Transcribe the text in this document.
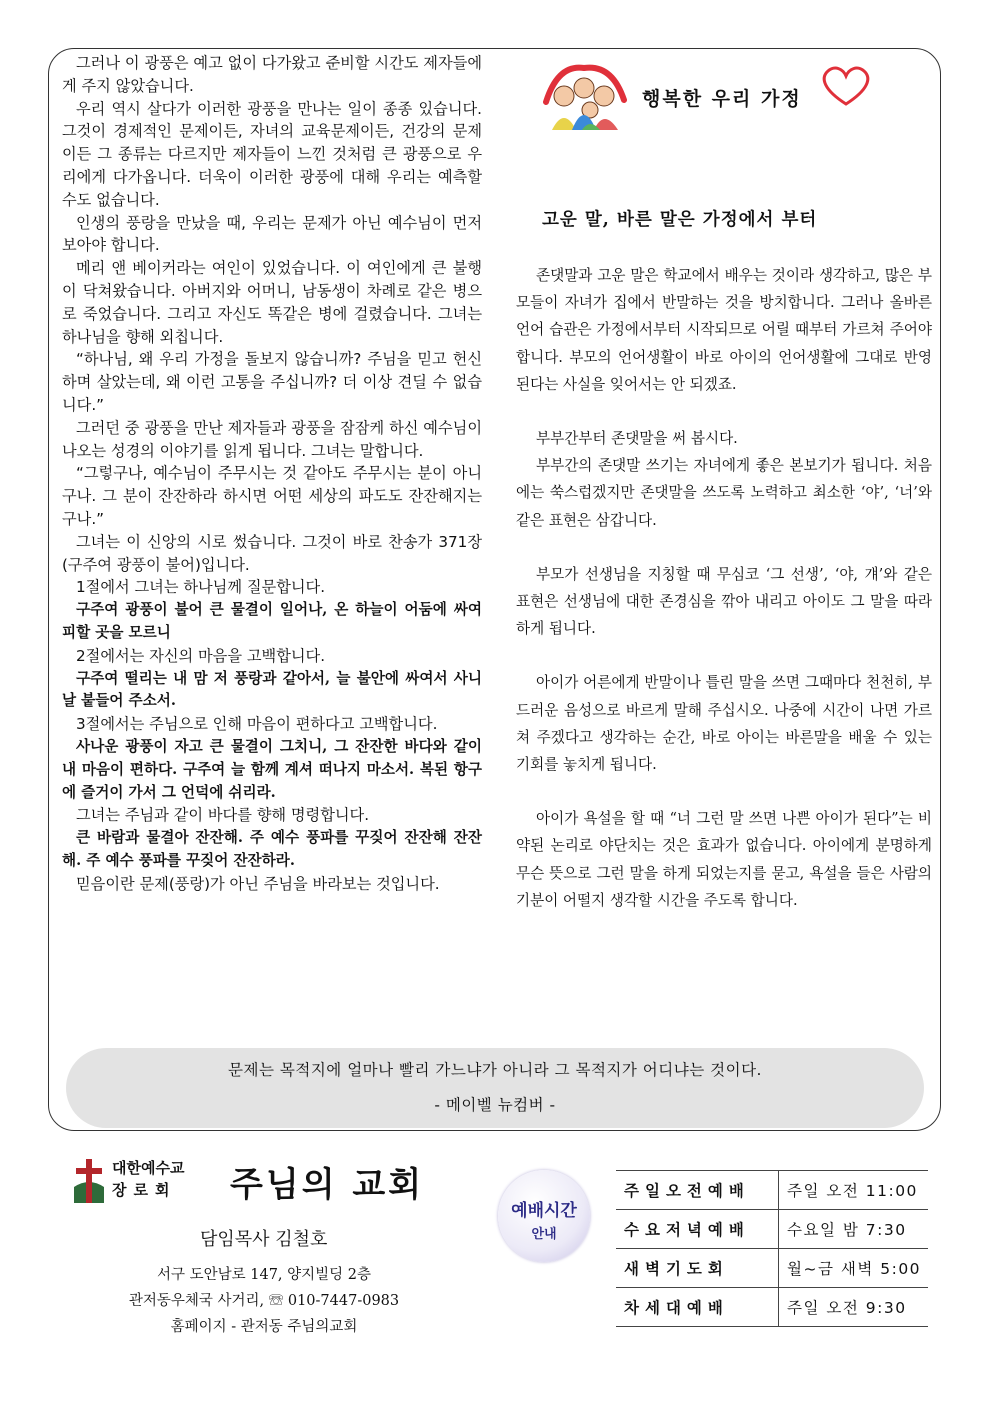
그러나 이 광풍은 예고 없이 다가왔고 준비할 시간도 제자들에게 주지 않았습니다.

우리 역시 살다가 이러한 광풍을 만나는 일이 종종 있습니다. 그것이 경제적인 문제이든, 자녀의 교육문제이든, 건강의 문제이든 그 종류는 다르지만 제자들이 느낀 것처럼 큰 광풍으로 우리에게 다가옵니다. 더욱이 이러한 광풍에 대해 우리는 예측할 수도 없습니다.

인생의 풍랑을 만났을 때, 우리는 문제가 아닌 예수님이 먼저 보아야 합니다.

메리 앤 베이커라는 여인이 있었습니다. 이 여인에게 큰 불행이 닥쳐왔습니다. 아버지와 어머니, 남동생이 차례로 같은 병으로 죽었습니다. 그리고 자신도 똑같은 병에 걸렸습니다. 그녀는 하나님을 향해 외칩니다.

“하나님, 왜 우리 가정을 돌보지 않습니까? 주님을 믿고 헌신하며 살았는데, 왜 이런 고통을 주십니까? 더 이상 견딜 수 없습니다.”

그러던 중 광풍을 만난 제자들과 광풍을 잠잠케 하신 예수님이 나오는 성경의 이야기를 읽게 됩니다. 그녀는 말합니다.

“그렇구나, 예수님이 주무시는 것 같아도 주무시는 분이 아니구나. 그 분이 잔잔하라 하시면 어떤 세상의 파도도 잔잔해지는구나.”

그녀는 이 신앙의 시로 썼습니다. 그것이 바로 찬송가 371장(구주여 광풍이 불어)입니다.

1절에서 그녀는 하나님께 질문합니다.

구주여 광풍이 불어 큰 물결이 일어나, 온 하늘이 어둠에 싸여 피할 곳을 모르니

2절에서는 자신의 마음을 고백합니다.

구주여 떨리는 내 맘 저 풍랑과 같아서, 늘 불안에 싸여서 사니 날 붙들어 주소서.

3절에서는 주님으로 인해 마음이 편하다고 고백합니다.

사나운 광풍이 자고 큰 물결이 그치니, 그 잔잔한 바다와 같이 내 마음이 편하다. 구주여 늘 함께 계셔 떠나지 마소서. 복된 항구에 즐거이 가서 그 언덕에 쉬리라.

그녀는 주님과 같이 바다를 향해 명령합니다.

큰 바람과 물결아 잔잔해. 주 예수 풍파를 꾸짖어 잔잔해 잔잔해. 주 예수 풍파를 꾸짖어 잔잔하라.

믿음이란 문제(풍랑)가 아닌 주님을 바라보는 것입니다.

행복한 우리 가정
고운 말, 바른 말은 가정에서 부터

존댓말과 고운 말은 학교에서 배우는 것이라 생각하고, 많은 부모들이 자녀가 집에서 반말하는 것을 방치합니다. 그러나 올바른 언어 습관은 가정에서부터 시작되므로 어릴 때부터 가르쳐 주어야 합니다. 부모의 언어생활이 바로 아이의 언어생활에 그대로 반영된다는 사실을 잊어서는 안 되겠죠.

부부간부터 존댓말을 써 봅시다.

부부간의 존댓말 쓰기는 자녀에게 좋은 본보기가 됩니다. 처음에는 쑥스럽겠지만 존댓말을 쓰도록 노력하고 최소한 ‘야’, ‘너’와 같은 표현은 삼갑니다.

부모가 선생님을 지칭할 때 무심코 ‘그 선생’, ‘야, 걔’와 같은 표현은 선생님에 대한 존경심을 깎아 내리고 아이도 그 말을 따라하게 됩니다.

아이가 어른에게 반말이나 틀린 말을 쓰면 그때마다 천천히, 부드러운 음성으로 바르게 말해 주십시오. 나중에 시간이 나면 가르쳐 주겠다고 생각하는 순간, 바로 아이는 바른말을 배울 수 있는 기회를 놓치게 됩니다.

아이가 욕설을 할 때 “너 그런 말 쓰면 나쁜 아이가 된다”는 비약된 논리로 야단치는 것은 효과가 없습니다. 아이에게 분명하게 무슨 뜻으로 그런 말을 하게 되었는지를 묻고, 욕설을 들은 사람의 기분이 어떨지 생각할 시간을 주도록 합니다.

문제는 목적지에 얼마나 빨리 가느냐가 아니라 그 목적지가 어디냐는 것이다.
- 메이벨 뉴컴버 -
대한예수교
장로회 주님의 교회
담임목사 김철호
서구 도안남로 147, 양지빌딩 2층
관저동우체국 사거리, ☏ 010-7447-0983
홈페이지 - 관저동 주님의교회
예배시간
안내
주일오전예배	주일 오전 11:00
수요저녁예배	수요일 밤 7:30
새벽기도회	월~금 새벽 5:00
차세대예배	주일 오전 9:30
